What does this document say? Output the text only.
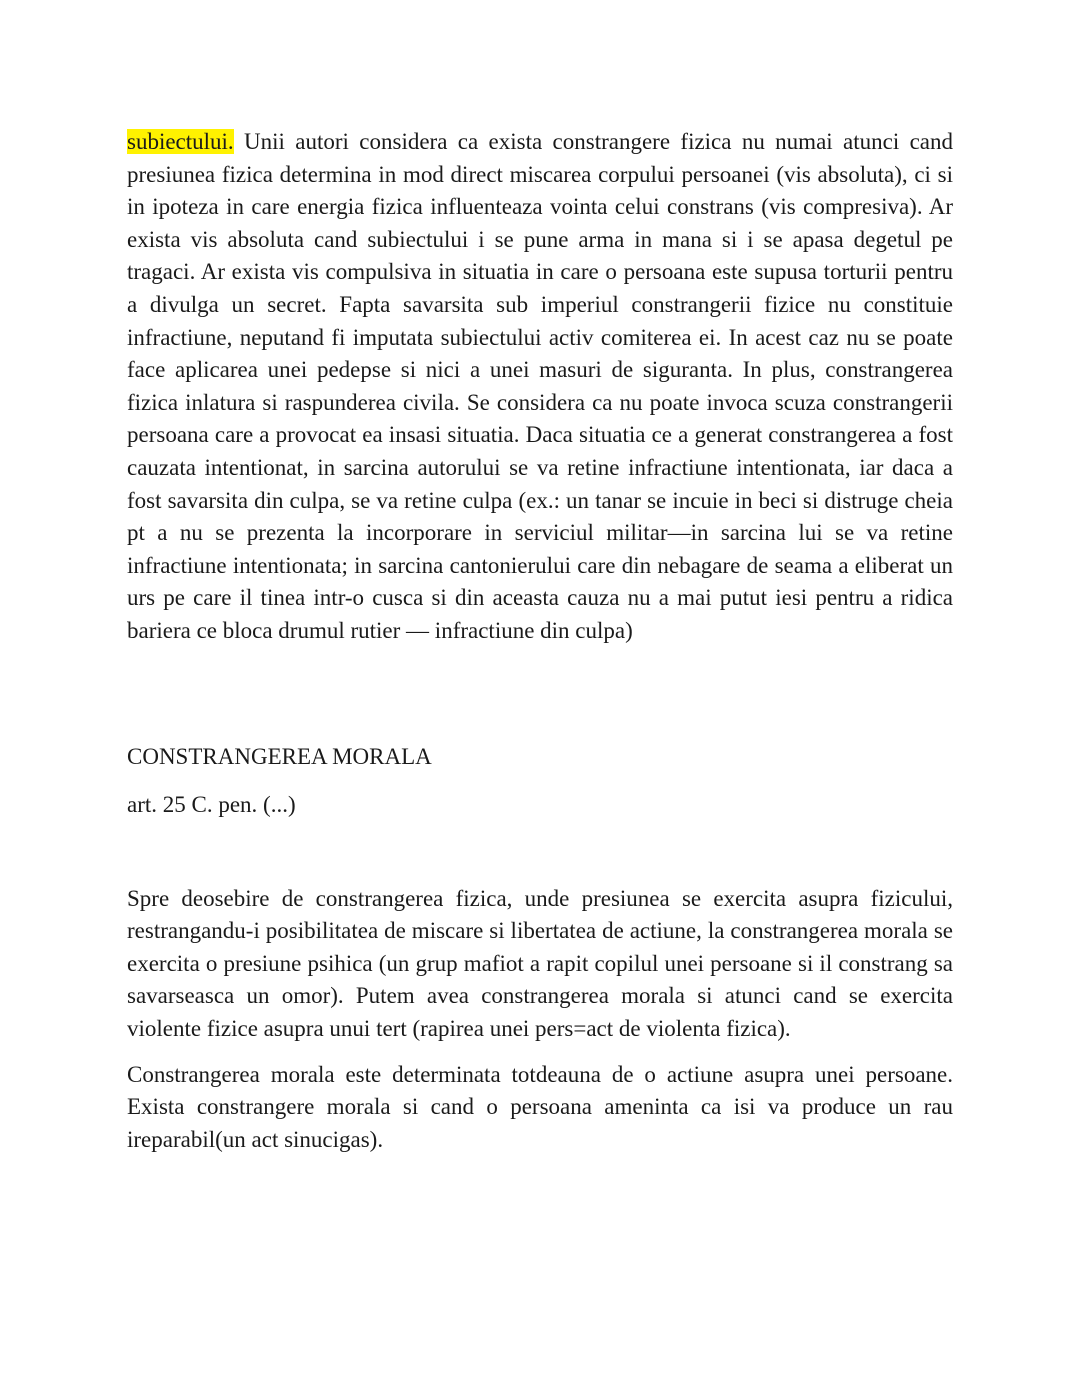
subiectului. Unii autori considera ca exista constrangere fizica nu numai atunci cand presiunea fizica determina in mod direct miscarea corpului persoanei (vis absoluta), ci si in ipoteza in care energia fizica influenteaza vointa celui constrans (vis compresiva). Ar exista vis absoluta cand subiectului i se pune arma in mana si i se apasa degetul pe tragaci. Ar exista vis compulsiva in situatia in care o persoana este supusa torturii pentru a divulga un secret. Fapta savarsita sub imperiul constrangerii fizice nu constituie infractiune, neputand fi imputata subiectului activ comiterea ei. In acest caz nu se poate face aplicarea unei pedepse si nici a unei masuri de siguranta. In plus, constrangerea fizica inlatura si raspunderea civila. Se considera ca nu poate invoca scuza constrangerii persoana care a provocat ea insasi situatia. Daca situatia ce a generat constrangerea a fost cauzata intentionat, in sarcina autorului se va retine infractiune intentionata, iar daca a fost savarsita din culpa, se va retine culpa (ex.: un tanar se incuie in beci si distruge cheia pt a nu se prezenta la incorporare in serviciul militar—in sarcina lui se va retine infractiune intentionata; in sarcina cantonierului care din nebagare de seama a eliberat un urs pe care il tinea intr-o cusca si din aceasta cauza nu a mai putut iesi pentru a ridica bariera ce bloca drumul rutier — infractiune din culpa)

CONSTRANGEREA MORALA

art. 25 C. pen. (...)

Spre deosebire de constrangerea fizica, unde presiunea se exercita asupra fizicului, restrangandu-i posibilitatea de miscare si libertatea de actiune, la constrangerea morala se exercita o presiune psihica (un grup mafiot a rapit copilul unei persoane si il constrang sa savarseasca un omor). Putem avea constrangerea morala si atunci cand se exercita violente fizice asupra unui tert (rapirea unei pers=act de violenta fizica).

Constrangerea morala este determinata totdeauna de o actiune asupra unei persoane. Exista constrangere morala si cand o persoana ameninta ca isi va produce un rau ireparabil(un act sinucigas).
